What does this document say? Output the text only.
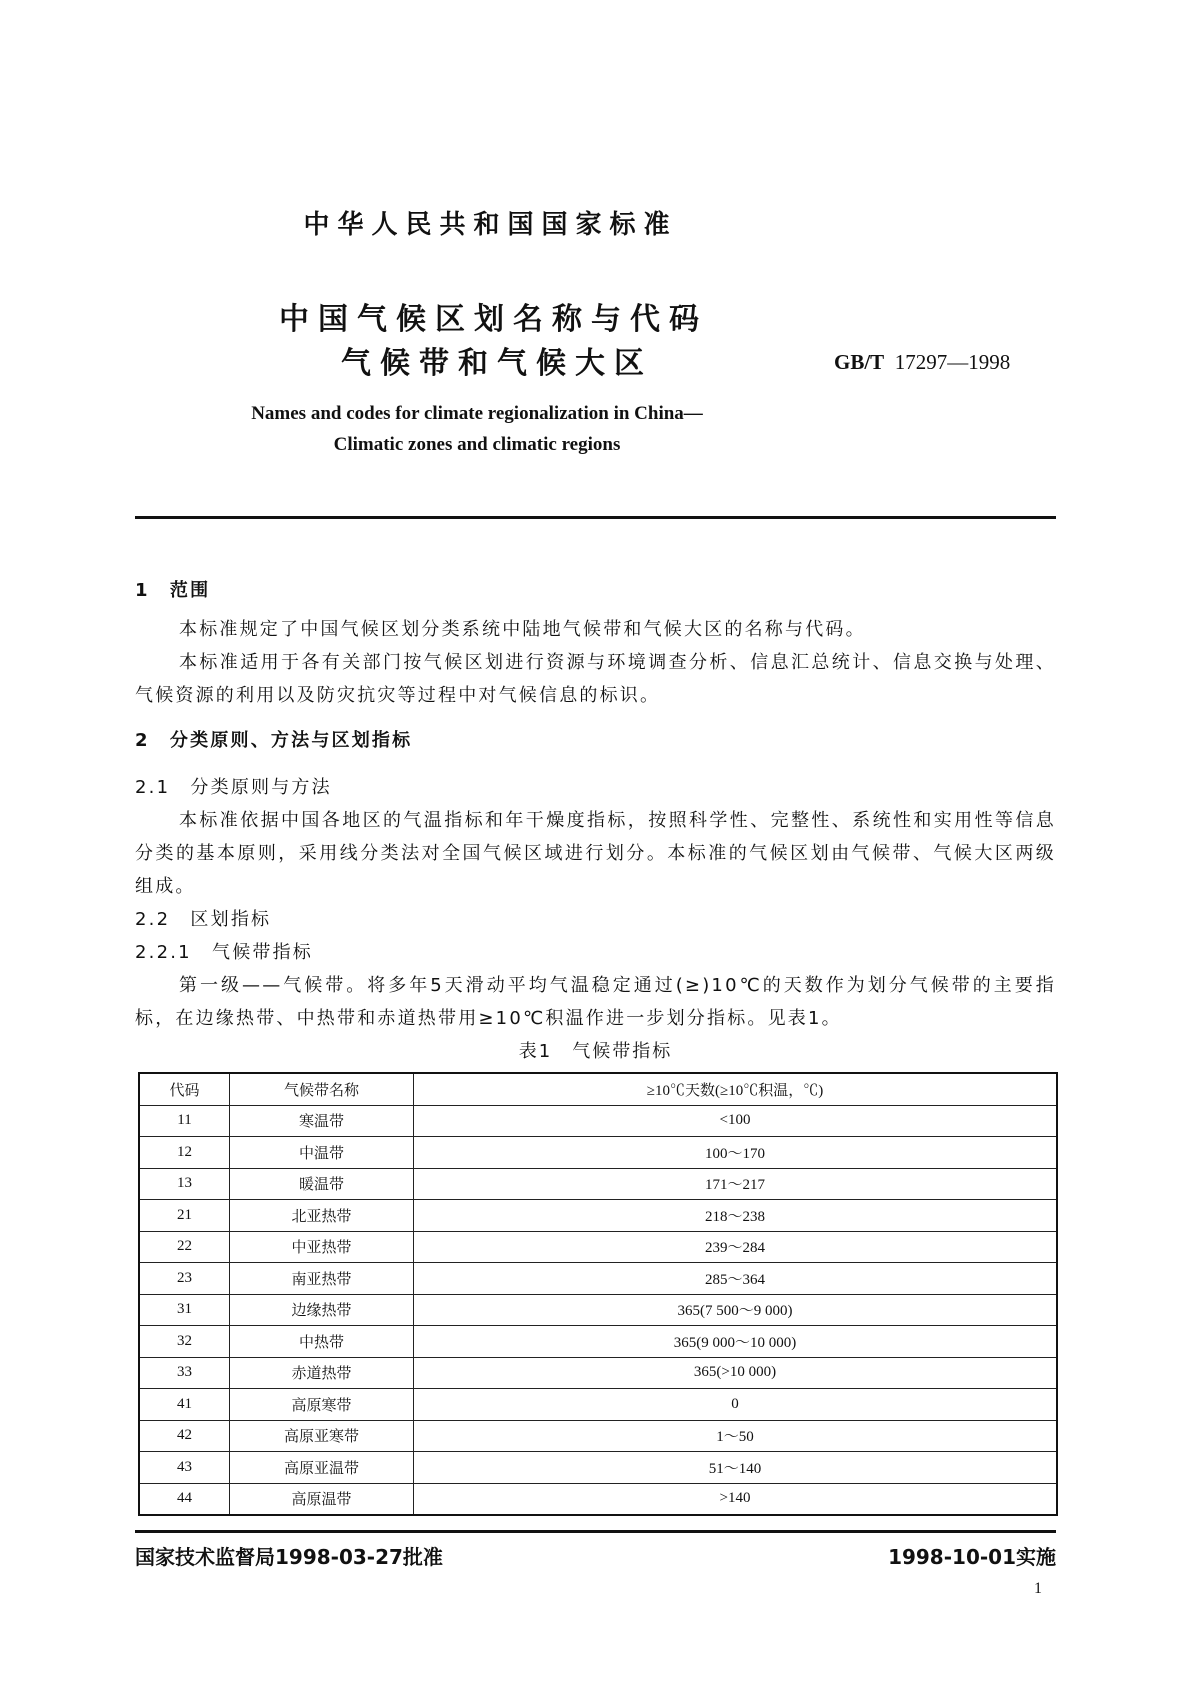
中华人民共和国国家标准
中国气候区划名称与代码
气候带和气候大区	GB/T 17297—1998
Names and codes for climate regionalization in China—
Climatic zones and climatic regions
1　范围
本标准规定了中国气候区划分类系统中陆地气候带和气候大区的名称与代码。
本标准适用于各有关部门按气候区划进行资源与环境调查分析、信息汇总统计、信息交换与处理、气候资源的利用以及防灾抗灾等过程中对气候信息的标识。
2　分类原则、方法与区划指标
2.1　分类原则与方法
本标准依据中国各地区的气温指标和年干燥度指标，按照科学性、完整性、系统性和实用性等信息分类的基本原则，采用线分类法对全国气候区域进行划分。本标准的气候区划由气候带、气候大区两级组成。
2.2　区划指标
2.2.1　气候带指标
第一级——气候带。将多年5天滑动平均气温稳定通过(≥)10℃的天数作为划分气候带的主要指标，在边缘热带、中热带和赤道热带用≥10℃积温作进一步划分指标。见表1。
表1　气候带指标
代码	气候带名称	≥10℃天数(≥10℃积温，℃)
11	寒温带	<100
12	中温带	100～170
13	暖温带	171～217
21	北亚热带	218～238
22	中亚热带	239～284
23	南亚热带	285～364
31	边缘热带	365(7 500～9 000)
32	中热带	365(9 000～10 000)
33	赤道热带	365(>10 000)
41	高原寒带	0
42	高原亚寒带	1～50
43	高原亚温带	51～140
44	高原温带	>140
国家技术监督局1998-03-27批准	1998-10-01实施
1
